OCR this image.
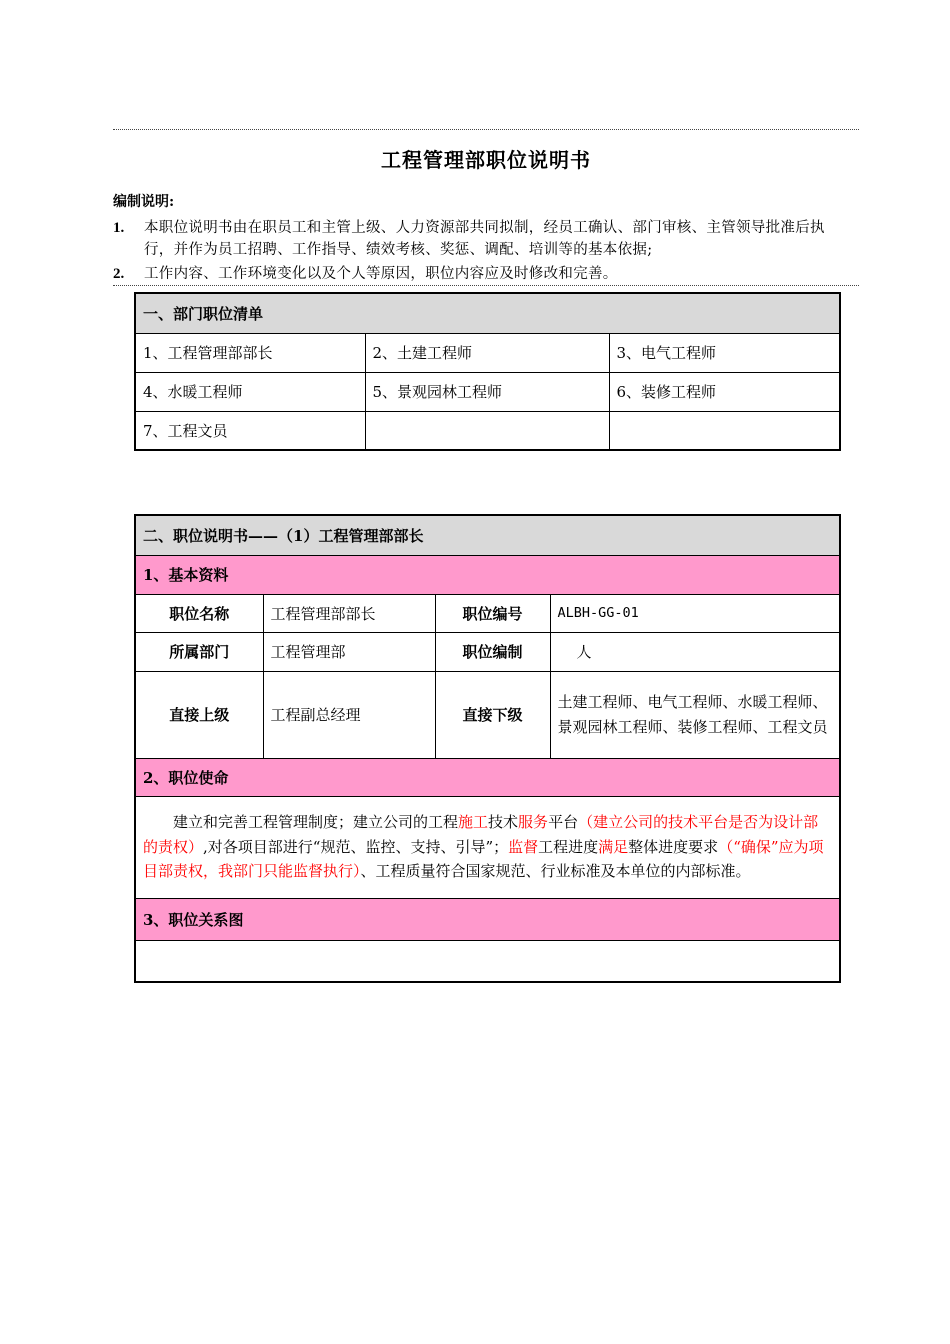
工程管理部职位说明书
编制说明:
1. 本职位说明书由在职员工和主管上级、人力资源部共同拟制，经员工确认、部门审核、主管领导批准后执行，并作为员工招聘、工作指导、绩效考核、奖惩、调配、培训等的基本依据;
2. 工作内容、工作环境变化以及个人等原因，职位内容应及时修改和完善。
一、部门职位清单		
1、工程管理部部长	2、土建工程师	3、电气工程师
4、水暖工程师	5、景观园林工程师	6、装修工程师
7、工程文员		
二、职位说明书——（1）工程管理部部长			
1、基本资料			
职位名称	工程管理部部长	职位编号	ALBH-GG-01
所属部门	工程管理部	职位编制	人
直接上级	工程副总经理	直接下级	土建工程师、电气工程师、水暖工程师、景观园林工程师、装修工程师、工程文员
2、职位使命			
建立和完善工程管理制度；建立公司的工程施工技术服务平台（建立公司的技术平台是否为设计部的责权）,对各项目部进行“规范、监控、支持、引导”；监督工程进度满足整体进度要求（“确保”应为项目部责权，我部门只能监督执行）、工程质量符合国家规范、行业标准及本单位的内部标准。			
3、职位关系图			
